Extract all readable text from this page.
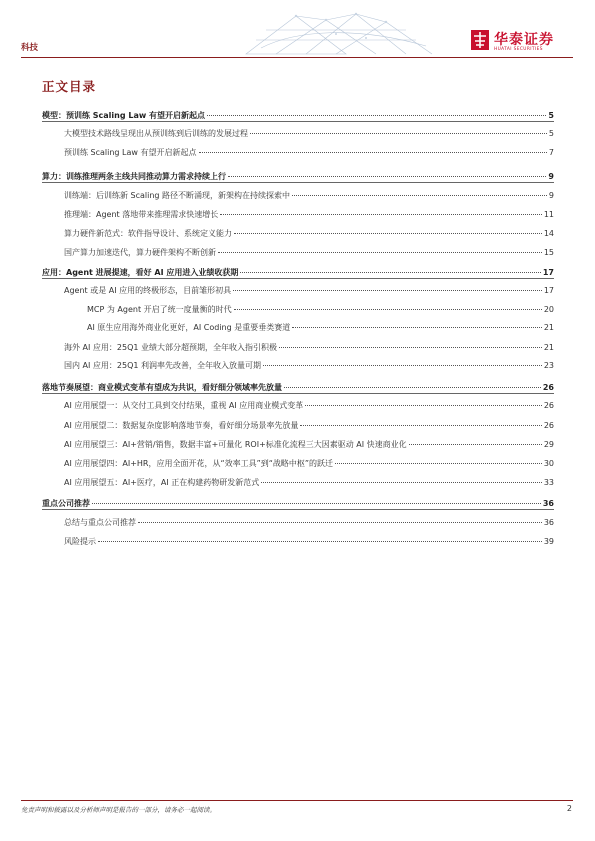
科技	华泰证券
HUATAI SECURITIES
正文目录
模型：预训练 Scaling Law 有望开启新起点	5
大模型技术路线呈现出从预训练到后训练的发展过程	5
预训练 Scaling Law 有望开启新起点	7
算力：训练推理两条主线共同推动算力需求持续上行	9
训练端：后训练新 Scaling 路径不断涌现，新架构在持续探索中	9
推理端：Agent 落地带来推理需求快速增长	11
算力硬件新范式：软件指导设计、系统定义能力	14
国产算力加速迭代，算力硬件架构不断创新	15
应用：Agent 进展提速，看好 AI 应用进入业绩收获期	17
Agent 或是 AI 应用的终极形态，目前雏形初具	17
MCP 为 Agent 开启了统一度量衡的时代	20
AI 原生应用海外商业化更好，AI Coding 是重要垂类赛道	21
海外 AI 应用：25Q1 业绩大部分超预期，全年收入指引积极	21
国内 AI 应用：25Q1 利润率先改善，全年收入放量可期	23
落地节奏展望：商业模式变革有望成为共识，看好细分领域率先放量	26
AI 应用展望一：从交付工具到交付结果，重视 AI 应用商业模式变革	26
AI 应用展望二：数据复杂度影响落地节奏，看好细分场景率先放量	26
AI 应用展望三：AI+营销/销售，数据丰富+可量化 ROI+标准化流程三大因素驱动 AI 快速商业化	29
AI 应用展望四：AI+HR，应用全面开花，从“效率工具”到“战略中枢”的跃迁	30
AI 应用展望五：AI+医疗，AI 正在构建药物研发新范式	33
重点公司推荐	36
总结与重点公司推荐	36
风险提示	39
免责声明和披露以及分析师声明是报告的一部分，请务必一起阅读。	2
